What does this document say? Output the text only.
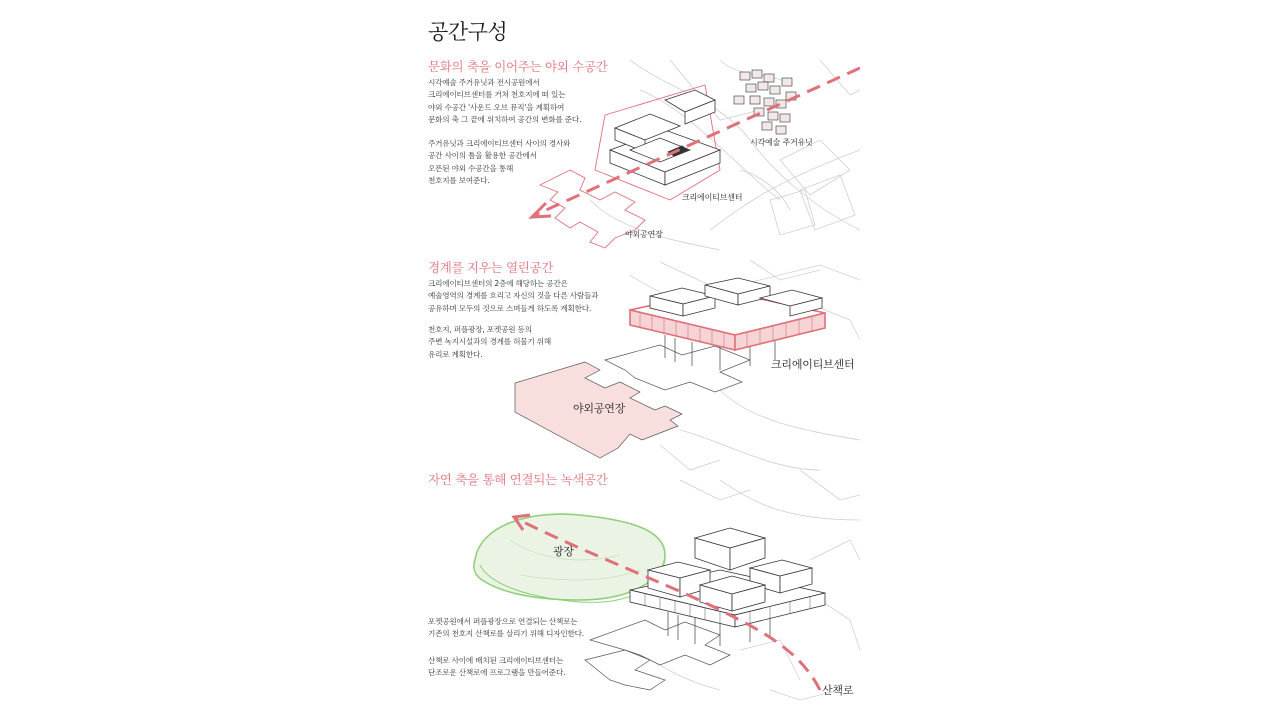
공간구성
문화의 축을 이어주는 야외 수공간
시각예술 주거유닛과 전시공원에서
크리에이티브센터를 거쳐 천호지에 떠 있는
야외 수공간 '사운드 오브 뮤직'을 계획하여
문화의 축 그 끝에 위치하여 공간의 변화를 준다.
주거유닛과 크리에이티브센터 사이의 경사와
공간 사이의 틈을 활용한 공간에서
오픈된 야외 수공간을 통해
천호지를 보여준다.
시각예술 주거유닛
크리에이티브센터
야외공연장
경계를 지우는 열린공간
크리에이티브센터의 2층에 해당하는 공간은
예술영역의 경계를 흐리고 자신의 것을 다른 사람들과
공유하며 모두의 것으로 스며들게 하도록 계획한다.
천호지, 퍼플광장, 포켓공원 등의
주변 녹지시설과의 경계를 허물기 위해
유리로 계획한다.
크리에이티브센터
야외공연장
자연 축을 통해 연결되는 녹색공간
광장
포켓공원에서 퍼플광장으로 연결되는 산책로는
기존의 천호지 산책로를 살리기 위해 디자인한다.
산책로 사이에 배치된 크리에이티브센터는
단조로운 산책로에 프로그램을 만들어준다.
산책로
